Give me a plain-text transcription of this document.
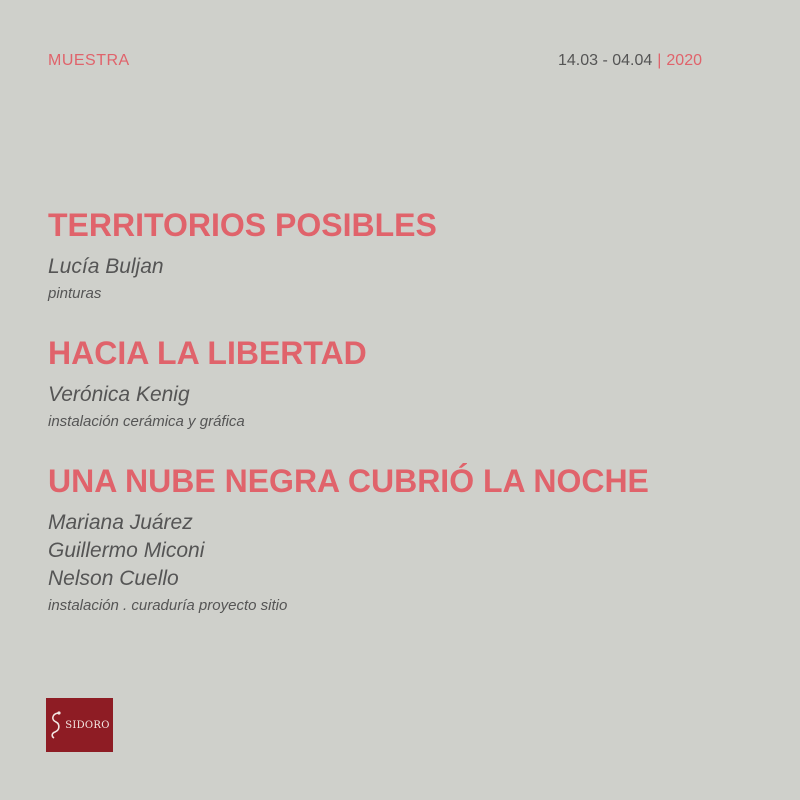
MUESTRA	14.03 - 04.04 | 2020
TERRITORIOS POSIBLES
Lucía Buljan
pinturas
HACIA LA LIBERTAD
Verónica Kenig
instalación cerámica y gráfica
UNA NUBE NEGRA CUBRIÓ LA NOCHE
Mariana Juárez
Guillermo Miconi
Nelson Cuello
instalación . curaduría proyecto sitio
SIDORO
